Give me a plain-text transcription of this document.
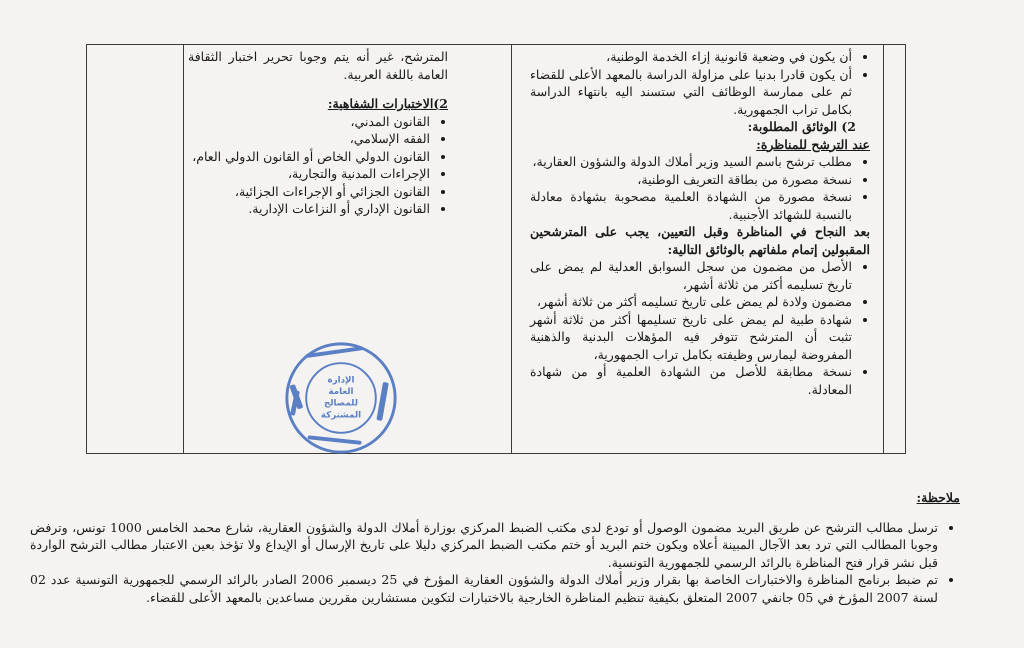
• أن يكون في وضعية قانونية إزاء الخدمة الوطنية،
• أن يكون قادرا بدنيا على مزاولة الدراسة بالمعهد الأعلى للقضاء ثم على ممارسة الوظائف التي ستسند اليه بانتهاء الدراسة بكامل تراب الجمهورية.

2) الوثائق المطلوبة:

عند الترشح للمناظرة:

• مطلب ترشح باسم السيد وزير أملاك الدولة والشؤون العقارية،
• نسخة مصورة من بطاقة التعريف الوطنية،
• نسخة مصورة من الشهادة العلمية مصحوبة بشهادة معادلة بالنسبة للشهائد الأجنبية.

بعد النجاح في المناظرة وقبل التعيين، يجب على المترشحين المقبولين إتمام ملفاتهم بالوثائق التالية:

• الأصل من مضمون من سجل السوابق العدلية لم يمض على تاريخ تسليمه أكثر من ثلاثة أشهر،
• مضمون ولادة لم يمض على تاريخ تسليمه أكثر من ثلاثة أشهر،
• شهادة طبية لم يمض على تاريخ تسليمها أكثر من ثلاثة أشهر تثبت أن المترشح تتوفر فيه المؤهلات البدنية والذهنية المفروضة ليمارس وظيفته بكامل تراب الجمهورية،
• نسخة مطابقة للأصل من الشهادة العلمية أو من شهادة المعادلة.

المترشح، غير أنه يتم وجوبا تحرير اختبار الثقافة العامة باللغة العربية.

2)الاختبارات الشفاهية:

• القانون المدني،
• الفقه الإسلامي،
• القانون الدولي الخاص أو القانون الدولي العام،
• الإجراءات المدنية والتجارية،
• القانون الجزائي أو الإجراءات الجزائية،
• القانون الإداري أو النزاعات الإدارية.
الإدارة
العامة
للمصالح
المشتركة

ملاحظة:

• ترسل مطالب الترشح عن طريق البريد مضمون الوصول أو تودع لدى مكتب الضبط المركزي بوزارة أملاك الدولة والشؤون العقارية، شارع محمد الخامس 1000 تونس، وترفض وجوبا المطالب التي ترد بعد الآجال المبينة أعلاه ويكون ختم البريد أو ختم مكتب الضبط المركزي دليلا على تاريخ الإرسال أو الإيداع ولا تؤخذ بعين الاعتبار مطالب الترشح الواردة قبل نشر قرار فتح المناظرة بالرائد الرسمي للجمهورية التونسية.
• تم ضبط برنامج المناظرة والاختبارات الخاصة بها بقرار وزير أملاك الدولة والشؤون العقارية المؤرخ في 25 ديسمبر 2006 الصادر بالرائد الرسمي للجمهورية التونسية عدد 02 لسنة 2007 المؤرخ في 05 جانفي 2007 المتعلق بكيفية تنظيم المناظرة الخارجية بالاختبارات لتكوين مستشارين مقررين مساعدين بالمعهد الأعلى للقضاء.
